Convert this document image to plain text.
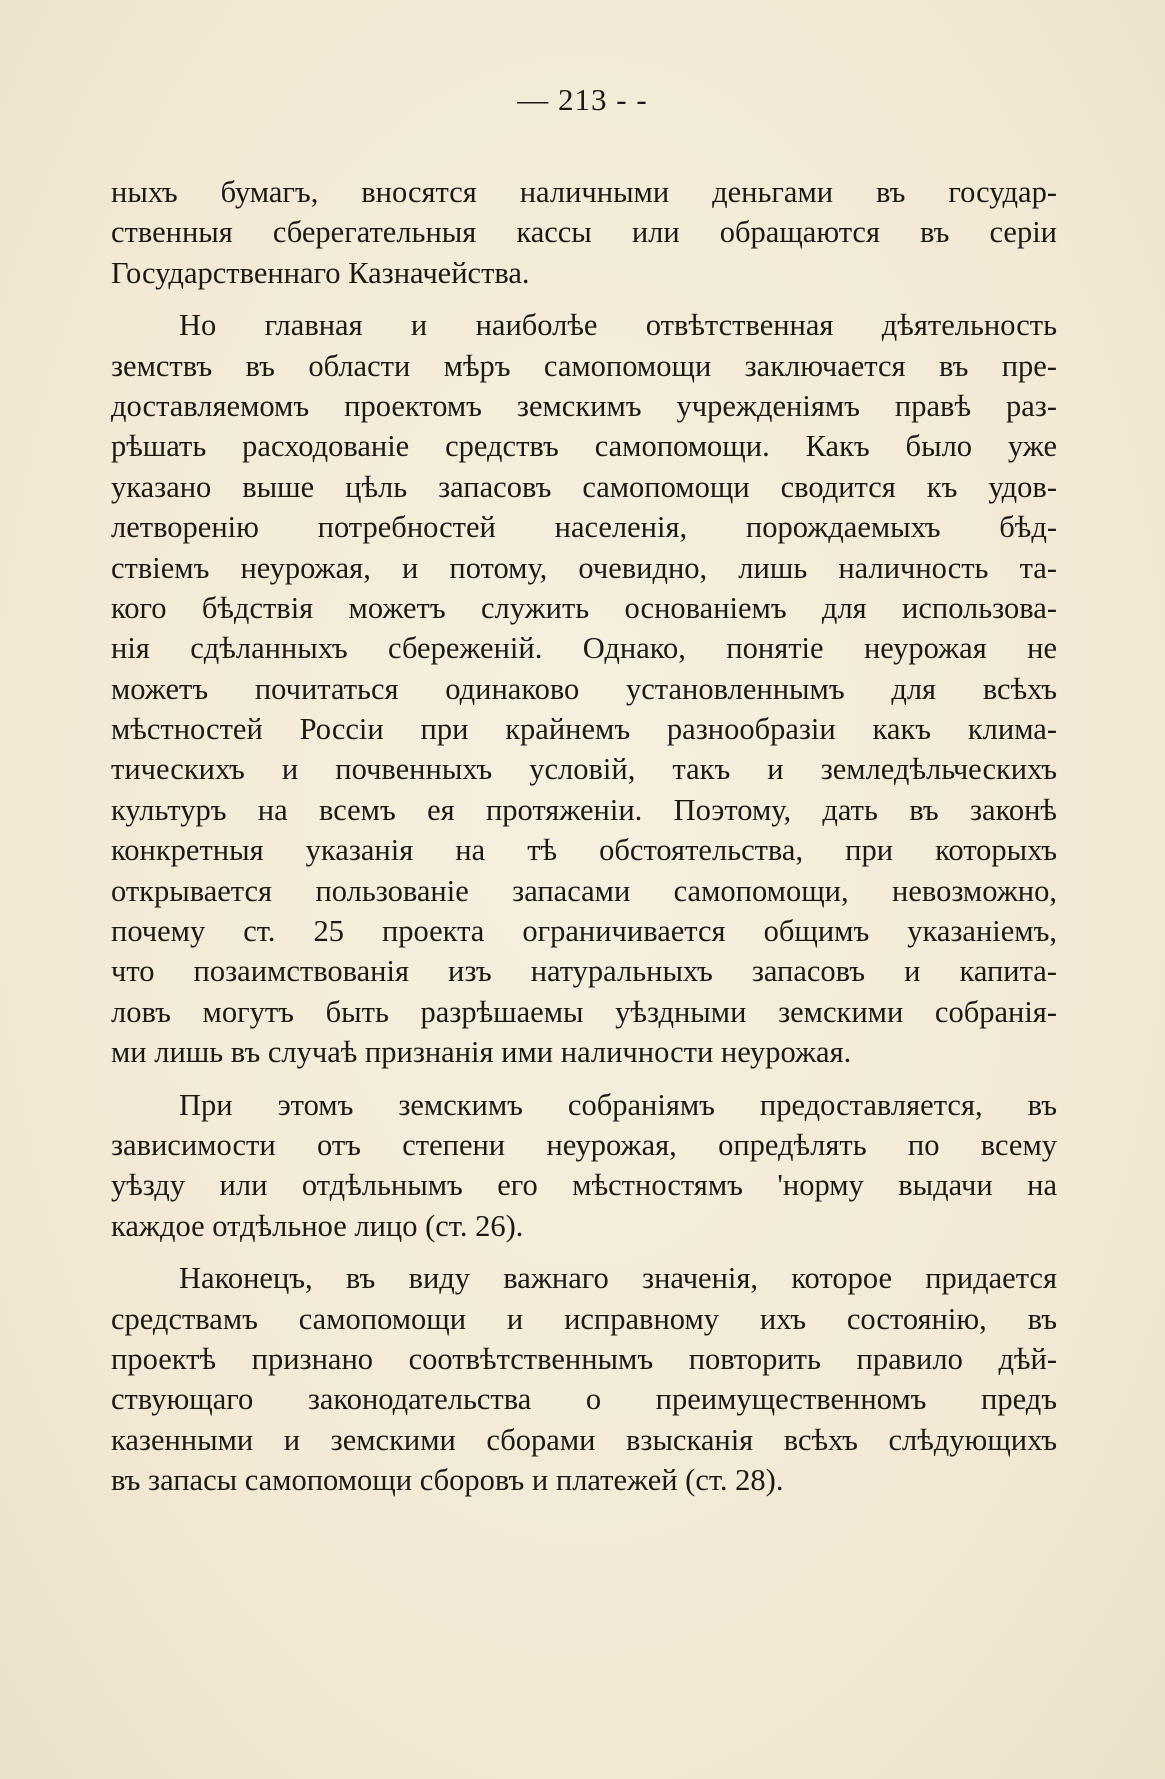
— 213 - -
ныхъ бумагъ, вносятся наличными деньгами въ государ-
ственныя сберегательныя кассы или обращаются въ серіи
Государственнаго Казначейства.
Но главная и наиболѣе отвѣтственная дѣятельность
земствъ въ области мѣръ самопомощи заключается въ пре-
доставляемомъ проектомъ земскимъ учрежденіямъ правѣ раз-
рѣшать расходованіе средствъ самопомощи. Какъ было уже
указано выше цѣль запасовъ самопомощи сводится къ удов-
летворенію потребностей населенія, порождаемыхъ бѣд-
ствіемъ неурожая, и потому, очевидно, лишь наличность та-
кого бѣдствія можетъ служить основаніемъ для использова-
нія сдѣланныхъ сбереженій. Однако, понятіе неурожая не
можетъ почитаться одинаково установленнымъ для всѣхъ
мѣстностей Россіи при крайнемъ разнообразіи какъ клима-
тическихъ и почвенныхъ условій, такъ и земледѣльческихъ
культуръ на всемъ ея протяженіи. Поэтому, дать въ законѣ
конкретныя указанія на тѣ обстоятельства, при которыхъ
открывается пользованіе запасами самопомощи, невозможно,
почему ст. 25 проекта ограничивается общимъ указаніемъ,
что позаимствованія изъ натуральныхъ запасовъ и капита-
ловъ могутъ быть разрѣшаемы уѣздными земскими собранія-
ми лишь въ случаѣ признанія ими наличности неурожая.
При этомъ земскимъ собраніямъ предоставляется, въ
зависимости отъ степени неурожая, опредѣлять по всему
уѣзду или отдѣльнымъ его мѣстностямъ 'норму выдачи на
каждое отдѣльное лицо (ст. 26).
Наконецъ, въ виду важнаго значенія, которое придается
средствамъ самопомощи и исправному ихъ состоянію, въ
проектѣ признано соотвѣтственнымъ повторить правило дѣй-
ствующаго законодательства о преимущественномъ предъ
казенными и земскими сборами взысканія всѣхъ слѣдующихъ
въ запасы самопомощи сборовъ и платежей (ст. 28).
